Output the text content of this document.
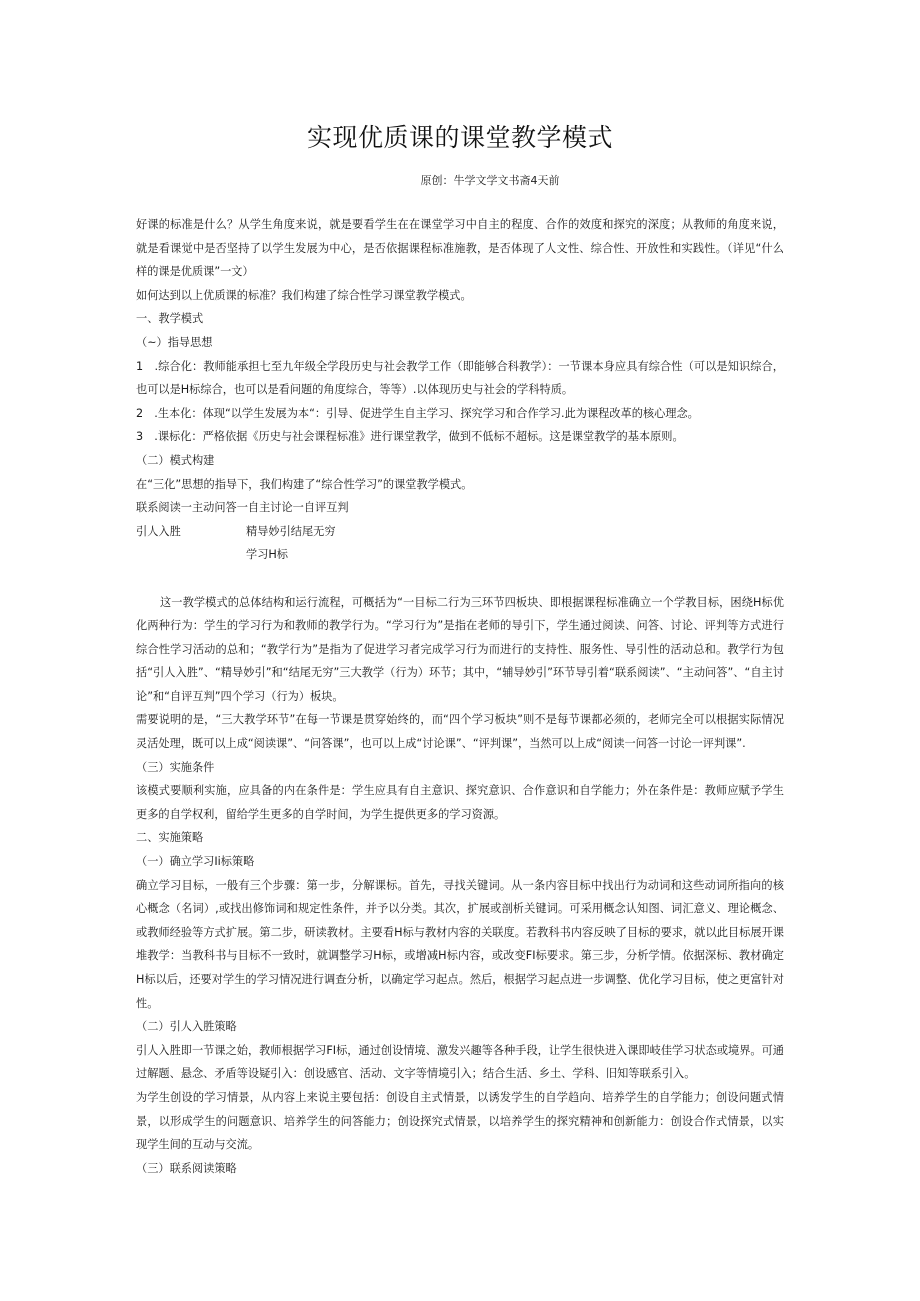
实现优质课的课堂教学模式
原创：牛学文学文书斋4天前

好课的标准是什么？从学生角度来说，就是要看学生在在课堂学习中自主的程度、合作的效度和探究的深度；从教师的角度来说，就是看课觉中是否坚持了以学生发展为中心，是否依据课程标准施教，是否体现了人文性、综合性、开放性和实践性。（详见“什么样的课是优质课”一文）

如何达到以上优质课的标准？我们构建了综合性学习课堂教学模式。

一、教学模式

（~）指导思想

1　.综合化：教师能承担七至九年级全学段历史与社会教学工作（即能够合科教学）：一节课本身应具有综合性（可以是知识综合，也可以是H标综合，也可以是看问题的角度综合，等等）.以体现历史与社会的学科特质。

2　.生本化：体现“以学生发展为本“：引导、促进学生自主学习、探究学习和合作学习.此为课程改革的核心理念。

3　.课标化：严格依据《历史与社会课程标准》进行课堂教学，做到不低标不超标。这是课堂教学的基本原则。

（二）模式构建

在“三化”思想的指导下，我们构建了“综合性学习”的课堂教学模式。

联系阅读一主动问答一自主讨论一自评互判

引人入胜	精导妙引结尾无穷

学习H标

这一教学模式的总体结构和运行流程，可概括为“一目标二行为三环节四板块、即根据课程标准确立一个学教目标，困绕H标优化两种行为：学生的学习行为和教师的教学行为。“学习行为”是指在老师的导引下，学生通过阅读、问答、讨论、评判等方式进行综合性学习活动的总和；“教学行为”是指为了促进学习者完成学习行为而进行的支持性、服务性、导引性的活动总和。教学行为包括“引人入胜”、“精导妙引”和“结尾无穷”三大教学（行为）环节；其中，“辅导妙引”环节导引着“联系阅读”、“主动问答”、“自主讨论”和“自评互判”四个学习（行为）板块。

需要说明的是，“三大教学环节”在每一节课是贯穿始终的，而“四个学习板块”则不是每节课都必须的，老师完全可以根据实际情况灵活处理，既可以上成“阅读课”、“问答课”，也可以上成“讨论课”、“评判课”，当然可以上成“阅读一问答一讨论一评判课”.

（三）实施条件

该模式要顺利实施，应具备的内在条件是：学生应具有自主意识、探究意识、合作意识和自学能力；外在条件是：教师应赋予学生更多的自学权利，留给学生更多的自学时间，为学生提供更多的学习资源。

二、实施策略

（一）确立学习Ii标策略

确立学习目标，一般有三个步骤：第一步，分解课标。首先，寻找关键词。从一条内容目标中找出行为动词和这些动词所指向的核心概念（名词）,或找出修饰词和规定性条件，并予以分类。其次，扩展或剖析关键词。可采用概念认知图、词汇意义、理论概念、或教师经验等方式扩展。第二步，研读教材。主要看H标与教材内容的关联度。若教科书内容反映了目标的要求，就以此目标展开课堆教学：当教科书与目标不一致时，就调整学习H标，或增减H标内容，或改变FI标要求。第三步，分析学情。依据深标、教材确定H标以后，还要对学生的学习情况进行调查分析，以确定学习起点。然后，根据学习起点进一步调整、优化学习目标，使之更富针对性。

（二）引人入胜策略

引人入胜即一节课之始，教师根据学习FI标，通过创设情境、激发兴趣等各种手段，让学生很快进入课即岐佳学习状态或境界。可通过解题、悬念、矛盾等设疑引入：创设感官、活动、文字等情境引入；结合生活、乡土、学科、旧知等联系引入。

为学生创设的学习情景，从内容上来说主要包括：创设自主式情景，以诱发学生的自学趋向、培养学生的自学能力；创设问题式情景，以形成学生的问题意识、培养学生的问答能力；创设探究式情景，以培养学生的探究精神和创新能力：创设合作式情景，以实现学生间的互动与交流。

（三）联系阅读策略
